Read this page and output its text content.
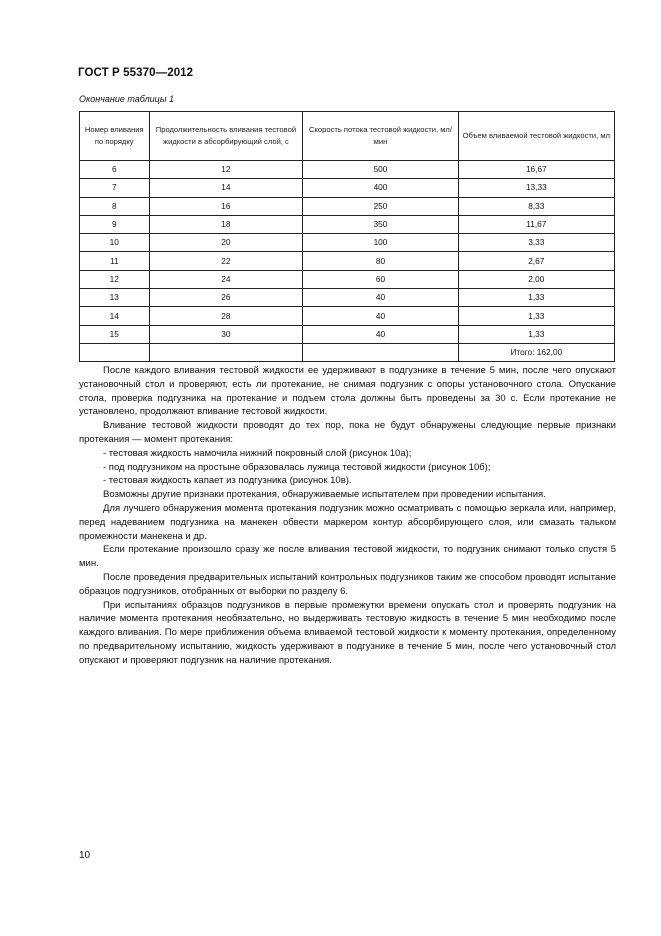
ГОСТ Р 55370—2012
Окончание таблицы 1
Номер вливания по порядку	Продолжительность вливания тестовой жидкости в абсорбирующий слой, с	Скорость потока тестовой жидкости, мл/мин	Объем вливаемой тестовой жидкости, мл
6	12	500	16,67
7	14	400	13,33
8	16	250	8,33
9	18	350	11,67
10	20	100	3,33
11	22	80	2,67
12	24	60	2,00
13	26	40	1,33
14	28	40	1,33
15	30	40	1,33
			Итого: 162,00

После каждого вливания тестовой жидкости ее удерживают в подгузнике в течение 5 мин, после чего опускают установочный стол и проверяют, есть ли протекание, не снимая подгузник с опоры установочного стола. Опускание стола, проверка подгузника на протекание и подъем стола должны быть проведены за 30 с. Если протекание не установлено, продолжают вливание тестовой жидкости.

Вливание тестовой жидкости проводят до тех пор, пока не будут обнаружены следующие первые признаки протекания — момент протекания:

- тестовая жидкость намочила нижний покровный слой (рисунок 10а);

- под подгузником на простыне образовалась лужица тестовой жидкости (рисунок 10б);

- тестовая жидкость капает из подгузника (рисунок 10в).

Возможны другие признаки протекания, обнаруживаемые испытателем при проведении испытания.

Для лучшего обнаружения момента протекания подгузник можно осматривать с помощью зеркала или, например, перед надеванием подгузника на манекен обвести маркером контур абсорбирующего слоя, или смазать тальком промежности манекена и др.

Если протекание произошло сразу же после вливания тестовой жидкости, то подгузник снимают только спустя 5 мин.

После проведения предварительных испытаний контрольных подгузников таким же способом проводят испытание образцов подгузников, отобранных от выборки по разделу 6.

При испытаниях образцов подгузников в первые промежутки времени опускать стол и проверять подгузник на наличие момента протекания необязательно, но выдерживать тестовую жидкость в течение 5 мин необходимо после каждого вливания. По мере приближения объема вливаемой тестовой жидкости к моменту протекания, определенному по предварительному испытанию, жидкость удерживают в подгузнике в течение 5 мин, после чего установочный стол опускают и проверяют подгузник на наличие протекания.

10
